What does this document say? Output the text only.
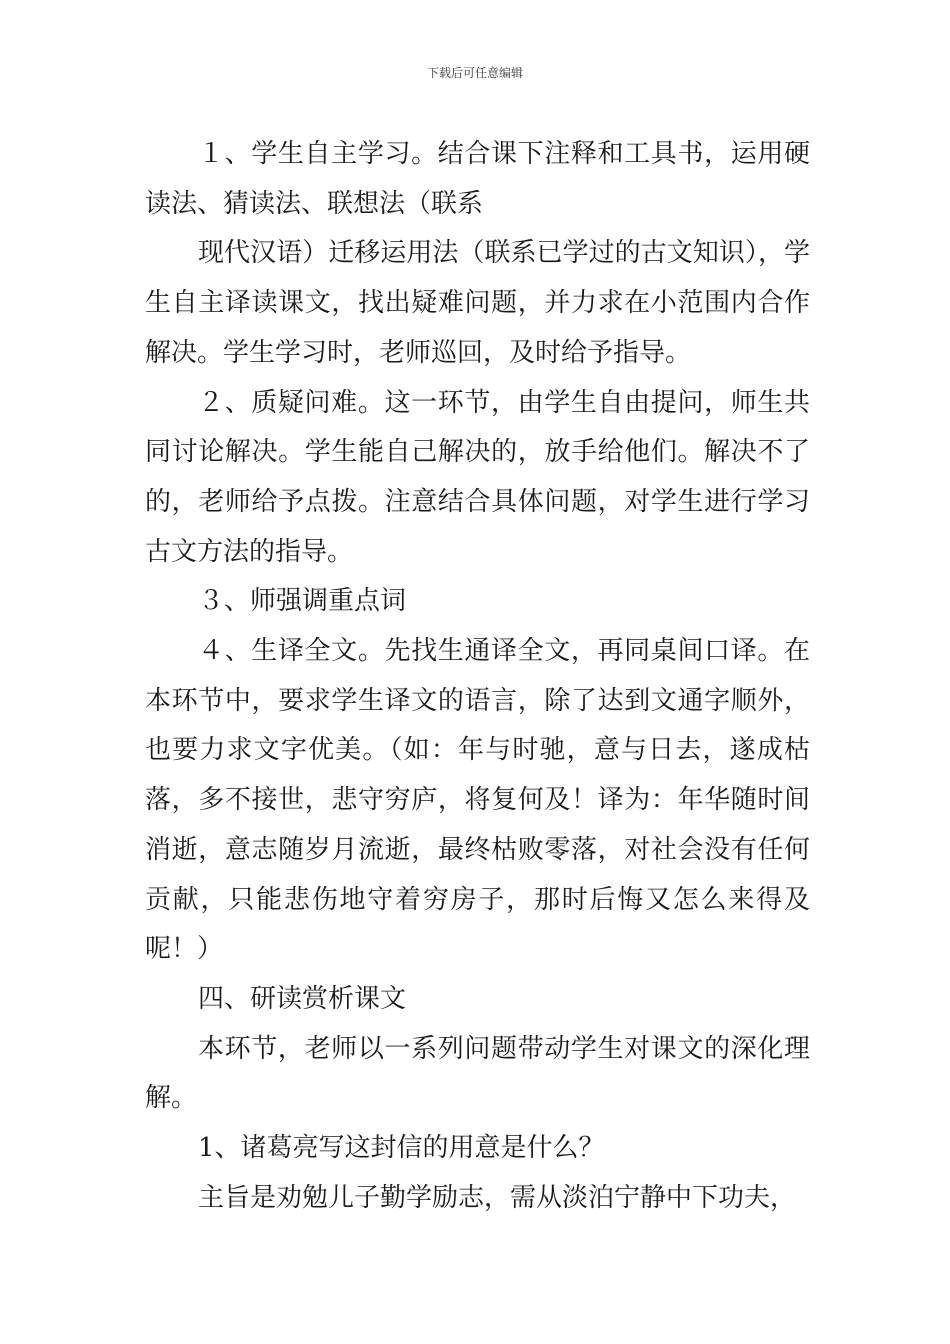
下载后可任意编辑

１、学生自主学习。结合课下注释和工具书，运用硬读法、猜读法、联想法（联系

现代汉语）迁移运用法（联系已学过的古文知识），学生自主译读课文，找出疑难问题，并力求在小范围内合作解决。学生学习时，老师巡回，及时给予指导。

２、质疑问难。这一环节，由学生自由提问，师生共同讨论解决。学生能自己解决的，放手给他们。解决不了的，老师给予点拨。注意结合具体问题，对学生进行学习古文方法的指导。

３、师强调重点词

４、生译全文。先找生通译全文，再同桌间口译。在本环节中，要求学生译文的语言，除了达到文通字顺外，也要力求文字优美。（如：年与时驰，意与日去，遂成枯落，多不接世，悲守穷庐，将复何及！译为：年华随时间消逝，意志随岁月流逝，最终枯败零落，对社会没有任何贡献，只能悲伤地守着穷房子，那时后悔又怎么来得及呢！）

四、研读赏析课文

本环节，老师以一系列问题带动学生对课文的深化理解。

1、诸葛亮写这封信的用意是什么？

主旨是劝勉儿子勤学励志，需从淡泊宁静中下功夫，
